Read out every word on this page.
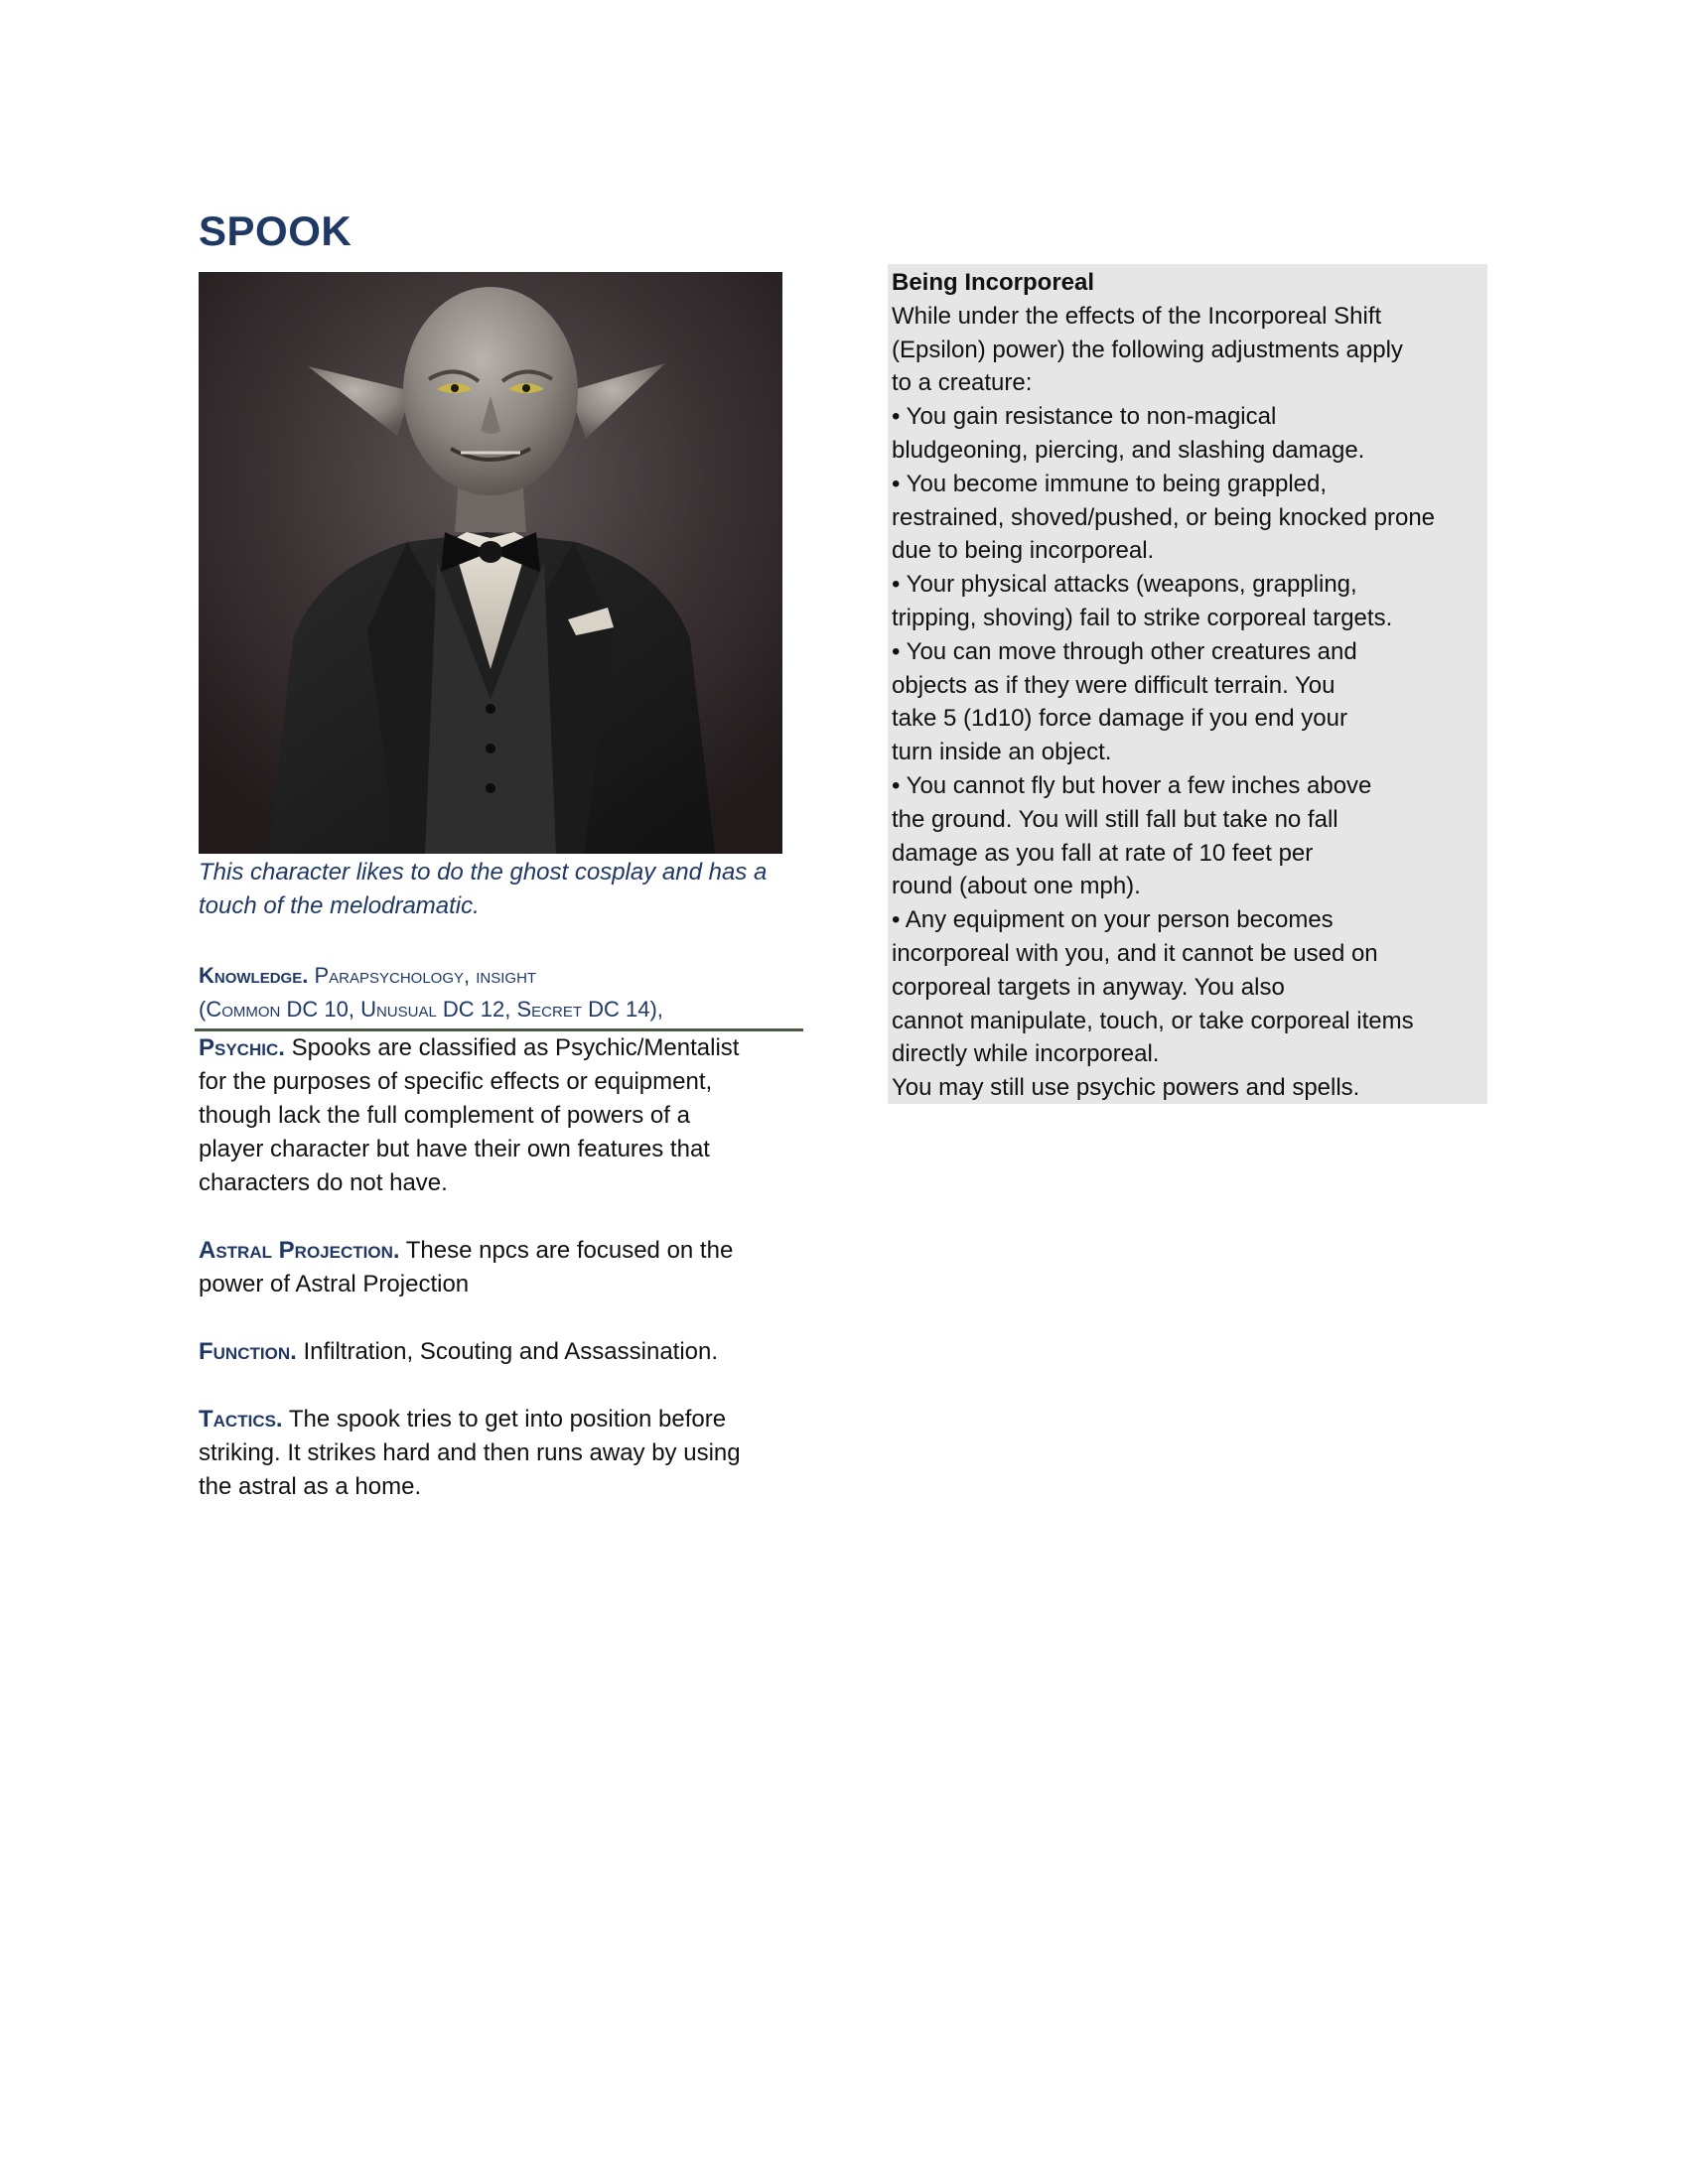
SPOOK
This character likes to do the ghost cosplay and has a
touch of the melodramatic.
Knowledge. Parapsychology, insight
(Common DC 10, Unusual DC 12, Secret DC 14),
Psychic. Spooks are classified as Psychic/Mentalist
for the purposes of specific effects or equipment,
though lack the full complement of powers of a
player character but have their own features that
characters do not have.
Astral Projection. These npcs are focused on the
power of Astral Projection
Function. Infiltration, Scouting and Assassination.
Tactics. The spook tries to get into position before
striking. It strikes hard and then runs away by using
the astral as a home.
Being Incorporeal
While under the effects of the Incorporeal Shift
(Epsilon) power) the following adjustments apply
to a creature:
• You gain resistance to non-magical
bludgeoning, piercing, and slashing damage.
• You become immune to being grappled,
restrained, shoved/pushed, or being knocked prone
due to being incorporeal.
• Your physical attacks (weapons, grappling,
tripping, shoving) fail to strike corporeal targets.
• You can move through other creatures and
objects as if they were difficult terrain. You
take 5 (1d10) force damage if you end your
turn inside an object.
• You cannot fly but hover a few inches above
the ground. You will still fall but take no fall
damage as you fall at rate of 10 feet per
round (about one mph).
• Any equipment on your person becomes
incorporeal with you, and it cannot be used on
corporeal targets in anyway. You also
cannot manipulate, touch, or take corporeal items
directly while incorporeal.
You may still use psychic powers and spells.
